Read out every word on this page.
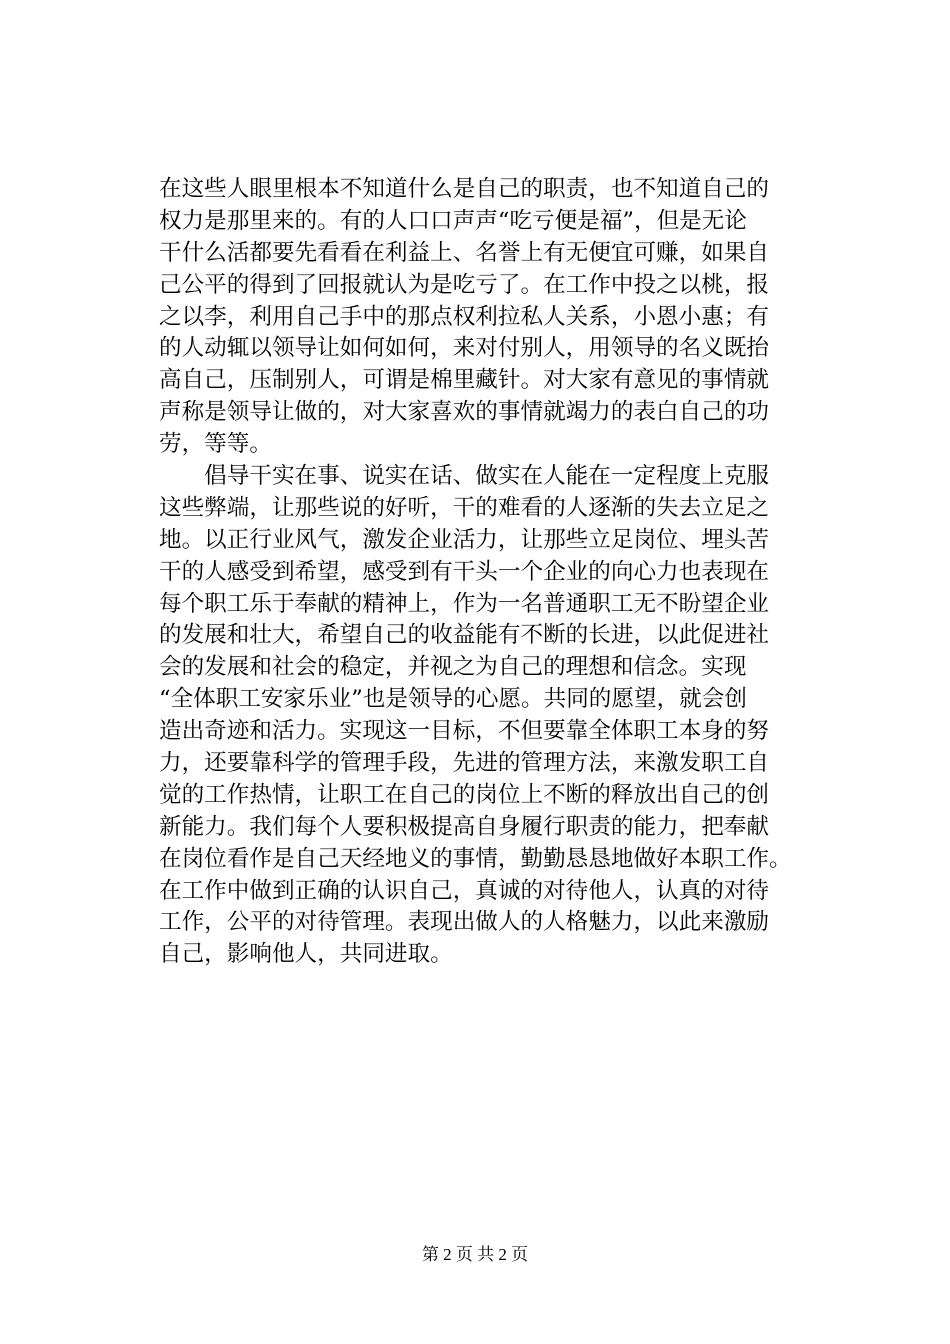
在这些人眼里根本不知道什么是自己的职责，也不知道自己的
权力是那里来的。有的人口口声声“吃亏便是福”，但是无论
干什么活都要先看看在利益上、名誉上有无便宜可赚，如果自
己公平的得到了回报就认为是吃亏了。在工作中投之以桃，报
之以李，利用自己手中的那点权利拉私人关系，小恩小惠；有
的人动辄以领导让如何如何，来对付别人，用领导的名义既抬
高自己，压制别人，可谓是棉里藏针。对大家有意见的事情就
声称是领导让做的，对大家喜欢的事情就竭力的表白自己的功
劳，等等。
　　倡导干实在事、说实在话、做实在人能在一定程度上克服
这些弊端，让那些说的好听，干的难看的人逐渐的失去立足之
地。以正行业风气，激发企业活力，让那些立足岗位、埋头苦
干的人感受到希望，感受到有干头一个企业的向心力也表现在
每个职工乐于奉献的精神上，作为一名普通职工无不盼望企业
的发展和壮大，希望自己的收益能有不断的长进，以此促进社
会的发展和社会的稳定，并视之为自己的理想和信念。实现
“全体职工安家乐业”也是领导的心愿。共同的愿望，就会创
造出奇迹和活力。实现这一目标，不但要靠全体职工本身的努
力，还要靠科学的管理手段，先进的管理方法，来激发职工自
觉的工作热情，让职工在自己的岗位上不断的释放出自己的创
新能力。我们每个人要积极提高自身履行职责的能力，把奉献
在岗位看作是自己天经地义的事情，勤勤恳恳地做好本职工作。
在工作中做到正确的认识自己，真诚的对待他人，认真的对待
工作，公平的对待管理。表现出做人的人格魅力，以此来激励
自己，影响他人，共同进取。
第 2 页 共 2 页
